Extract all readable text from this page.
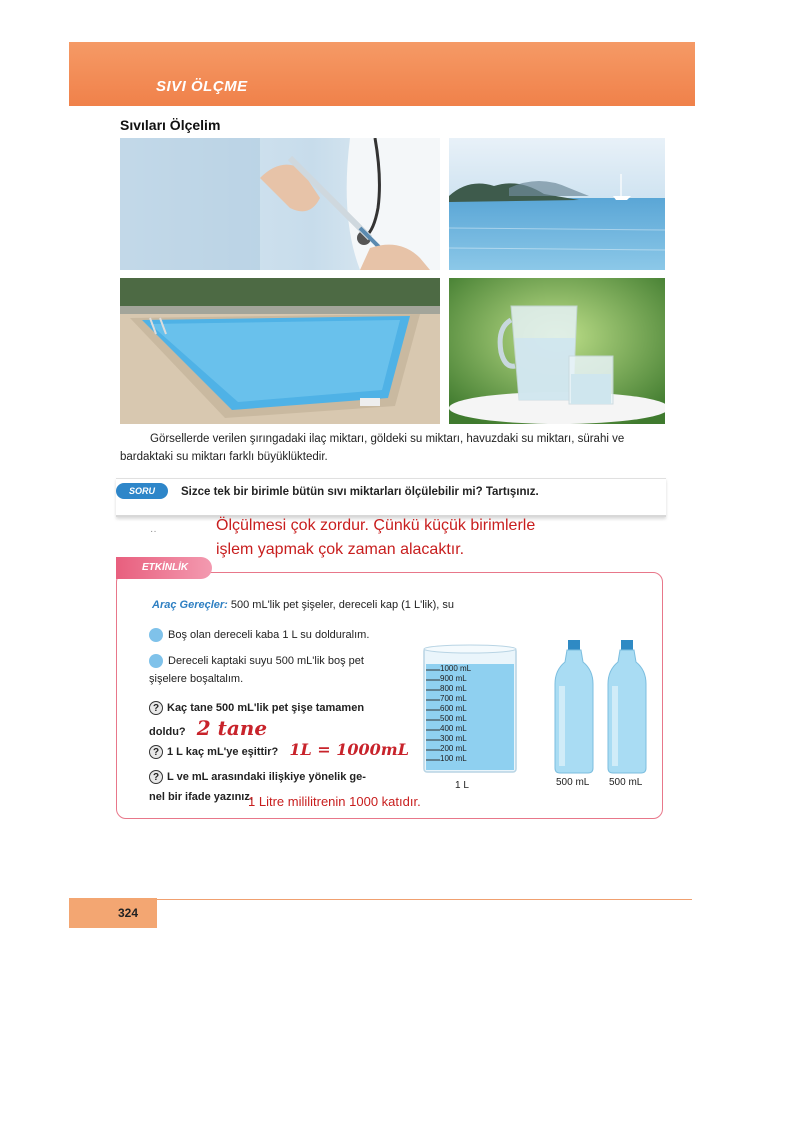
SIVI ÖLÇME
Sıvıları Ölçelim
Görsellerde verilen şırıngadaki ilaç miktarı, göldeki su miktarı, havuzdaki su miktarı, sürahi ve
bardaktaki su miktarı farklı büyüklüktedir.
SORU	Sizce tek bir birimle bütün sıvı miktarları ölçülebilir mi? Tartışınız.
··	Ölçülmesi çok zordur. Çünkü küçük birimlerle
işlem yapmak çok zaman alacaktır.
ETKİNLİK
Araç Gereçler: 500 mL'lik pet şişeler, dereceli kap (1 L'lik), su
Boş olan dereceli kaba 1 L su dolduralım.
Dereceli kaptaki suyu 500 mL'lik boş pet
şişelere boşaltalım.
? Kaç tane 500 mL'lik pet şişe tamamen
doldu? 2 tane
? 1 L kaç mL'ye eşittir? 1L = 1000mL
? L ve mL arasındaki ilişkiye yönelik ge-
nel bir ifade yazınız.
1 Litre mililitrenin 1000 katıdır.
1000 mL
900 mL
800 mL
700 mL
600 mL
500 mL
400 mL
300 mL
200 mL
100 mL
1 L	500 mL 500 mL
324
